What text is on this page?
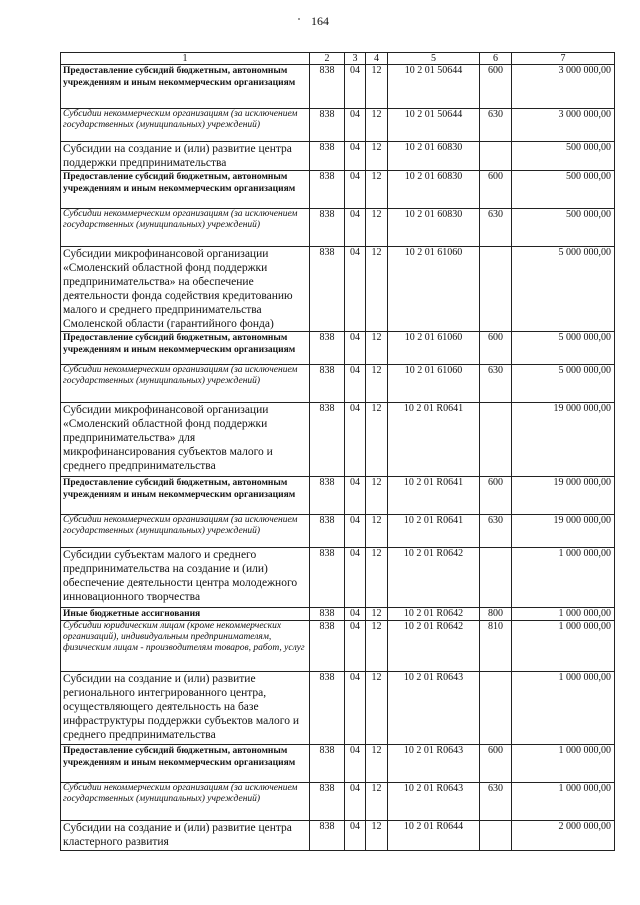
164
1	2	3	4	5	6	7
Предоставление субсидий бюджетным, автономным учреждениям и иным некоммерческим организациям	838	04	12	10 2 01 50644	600	3 000 000,00
Субсидии некоммерческим организациям (за исключением государственных (муниципальных) учреждений)	838	04	12	10 2 01 50644	630	3 000 000,00
Субсидии на создание и (или) развитие центра поддержки предпринимательства	838	04	12	10 2 01 60830		500 000,00
Предоставление субсидий бюджетным, автономным учреждениям и иным некоммерческим организациям	838	04	12	10 2 01 60830	600	500 000,00
Субсидии некоммерческим организациям (за исключением государственных (муниципальных) учреждений)	838	04	12	10 2 01 60830	630	500 000,00
Субсидии микрофинансовой организации «Смоленский областной фонд поддержки предпринимательства» на обеспечение деятельности фонда содействия кредитованию малого и среднего предпринимательства Смоленской области (гарантийного фонда)	838	04	12	10 2 01 61060		5 000 000,00
Предоставление субсидий бюджетным, автономным учреждениям и иным некоммерческим организациям	838	04	12	10 2 01 61060	600	5 000 000,00
Субсидии некоммерческим организациям (за исключением государственных (муниципальных) учреждений)	838	04	12	10 2 01 61060	630	5 000 000,00
Субсидии микрофинансовой организации «Смоленский областной фонд поддержки предпринимательства» для микрофинансирования субъектов малого и среднего предпринимательства	838	04	12	10 2 01 R0641		19 000 000,00
Предоставление субсидий бюджетным, автономным учреждениям и иным некоммерческим организациям	838	04	12	10 2 01 R0641	600	19 000 000,00
Субсидии некоммерческим организациям (за исключением государственных (муниципальных) учреждений)	838	04	12	10 2 01 R0641	630	19 000 000,00
Субсидии субъектам малого и среднего предпринимательства на создание и (или) обеспечение деятельности центра молодежного инновационного творчества	838	04	12	10 2 01 R0642		1 000 000,00
Иные бюджетные ассигнования	838	04	12	10 2 01 R0642	800	1 000 000,00
Субсидии юридическим лицам (кроме некоммерческих организаций), индивидуальным предпринимателям, физическим лицам - производителям товаров, работ, услуг	838	04	12	10 2 01 R0642	810	1 000 000,00
Субсидии на создание и (или) развитие регионального интегрированного центра, осуществляющего деятельность на базе инфраструктуры поддержки субъектов малого и среднего предпринимательства	838	04	12	10 2 01 R0643		1 000 000,00
Предоставление субсидий бюджетным, автономным учреждениям и иным некоммерческим организациям	838	04	12	10 2 01 R0643	600	1 000 000,00
Субсидии некоммерческим организациям (за исключением государственных (муниципальных) учреждений)	838	04	12	10 2 01 R0643	630	1 000 000,00
Субсидии на создание и (или) развитие центра кластерного развития	838	04	12	10 2 01 R0644		2 000 000,00
